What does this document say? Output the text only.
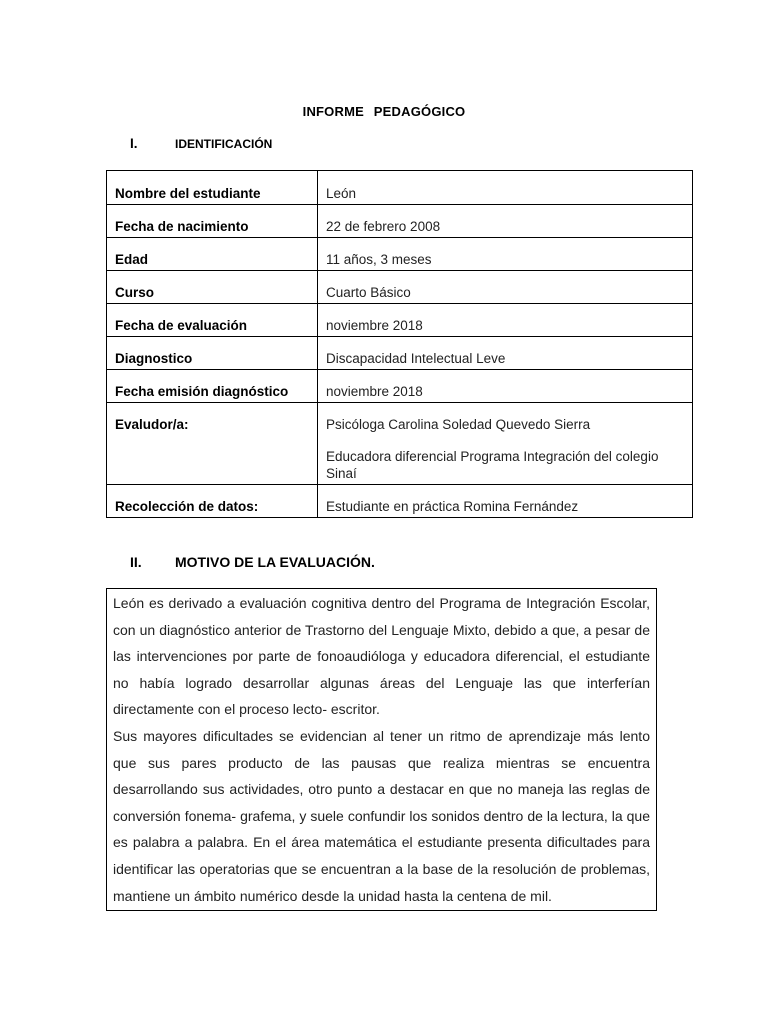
INFORME PEDAGÓGICO
I.	IDENTIFICACIÓN
Nombre del estudiante	León
Fecha de nacimiento	22 de febrero 2008
Edad	11 años, 3 meses
Curso	Cuarto Básico
Fecha de evaluación	noviembre 2018
Diagnostico	Discapacidad Intelectual Leve
Fecha emisión diagnóstico	noviembre 2018
Evaludor/a:	Psicóloga Carolina Soledad Quevedo Sierra
Educadora diferencial Programa Integración del colegio Sinaí

Recolección de datos:	Estudiante en práctica Romina Fernández
II.	MOTIVO DE LA EVALUACIÓN.

León es derivado a evaluación cognitiva dentro del Programa de Integración Escolar, con un diagnóstico anterior de Trastorno del Lenguaje Mixto, debido a que, a pesar de las intervenciones por parte de fonoaudióloga y educadora diferencial, el estudiante no había logrado desarrollar algunas áreas del Lenguaje las que interferían directamente con el proceso lecto- escritor.

Sus mayores dificultades se evidencian al tener un ritmo de aprendizaje más lento que sus pares producto de las pausas que realiza mientras se encuentra desarrollando sus actividades, otro punto a destacar en que no maneja las reglas de conversión fonema- grafema, y suele confundir los sonidos dentro de la lectura, la que es palabra a palabra. En el área matemática el estudiante presenta dificultades para identificar las operatorias que se encuentran a la base de la resolución de problemas, mantiene un ámbito numérico desde la unidad hasta la centena de mil.
